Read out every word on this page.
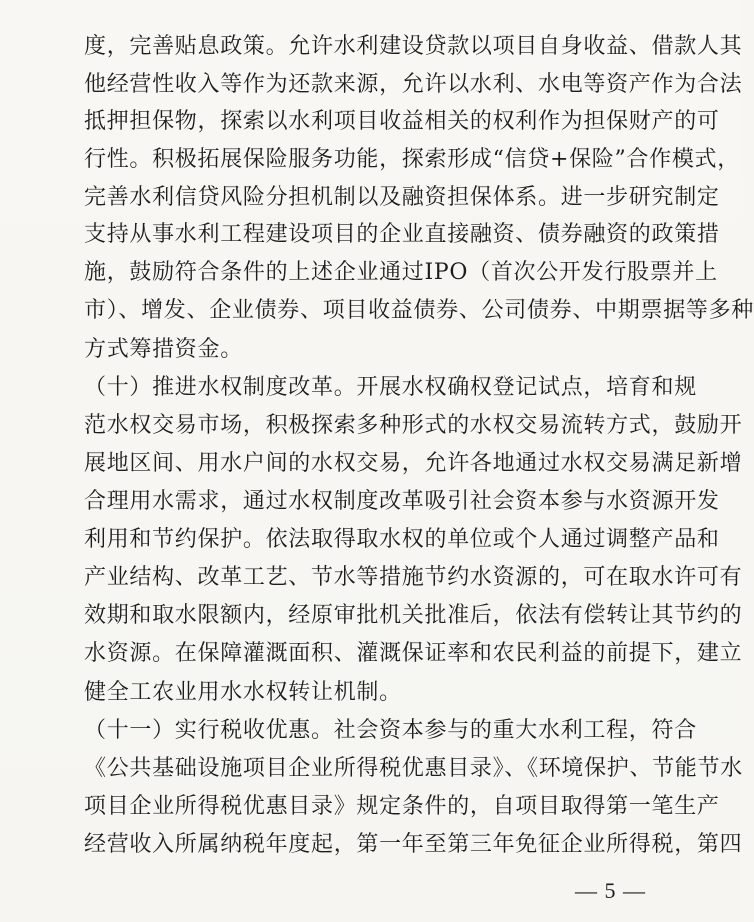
度，完善贴息政策。允许水利建设贷款以项目自身收益、借款人其
他经营性收入等作为还款来源，允许以水利、水电等资产作为合法
抵押担保物，探索以水利项目收益相关的权利作为担保财产的可
行性。积极拓展保险服务功能，探索形成“信贷+保险”合作模式，
完善水利信贷风险分担机制以及融资担保体系。进一步研究制定
支持从事水利工程建设项目的企业直接融资、债券融资的政策措
施，鼓励符合条件的上述企业通过IPO（首次公开发行股票并上
市）、增发、企业债券、项目收益债券、公司债券、中期票据等多种
方式筹措资金。
（十）推进水权制度改革。开展水权确权登记试点，培育和规
范水权交易市场，积极探索多种形式的水权交易流转方式，鼓励开
展地区间、用水户间的水权交易，允许各地通过水权交易满足新增
合理用水需求，通过水权制度改革吸引社会资本参与水资源开发
利用和节约保护。依法取得取水权的单位或个人通过调整产品和
产业结构、改革工艺、节水等措施节约水资源的，可在取水许可有
效期和取水限额内，经原审批机关批准后，依法有偿转让其节约的
水资源。在保障灌溉面积、灌溉保证率和农民利益的前提下，建立
健全工农业用水水权转让机制。
（十一）实行税收优惠。社会资本参与的重大水利工程，符合
《公共基础设施项目企业所得税优惠目录》、《环境保护、节能节水
项目企业所得税优惠目录》规定条件的，自项目取得第一笔生产
经营收入所属纳税年度起，第一年至第三年免征企业所得税，第四
— 5 —
